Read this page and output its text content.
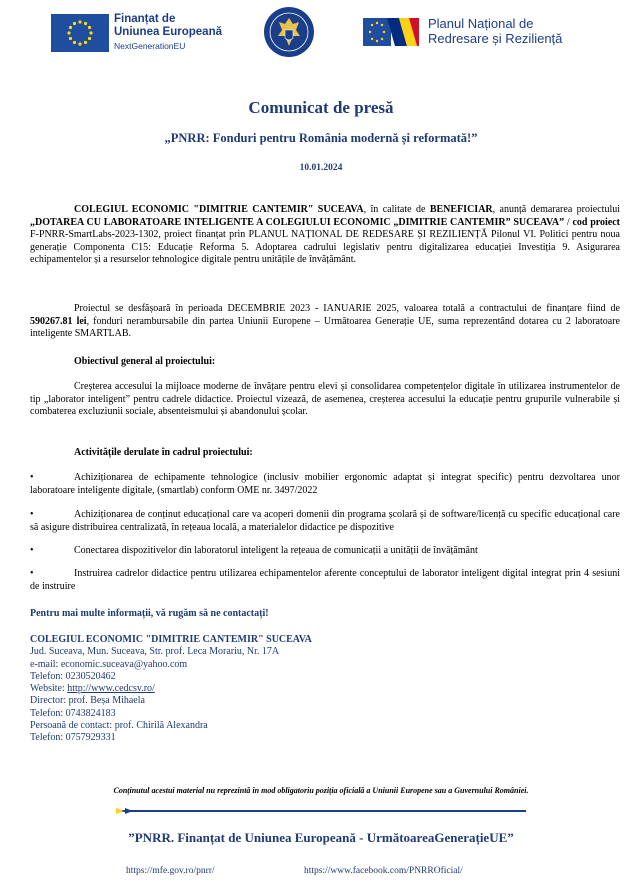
Finanțat de
Uniunea Europeană
NextGenerationEU
Planul Național de
Redresare și Reziliență
Comunicat de presă
„PNRR: Fonduri pentru România modernă și reformată!”
10.01.2024
COLEGIUL ECONOMIC "DIMITRIE CANTEMIR" SUCEAVA, în calitate de BENEFICIAR, anunță demararea proiectului „DOTAREA CU LABORATOARE INTELIGENTE A COLEGIULUI ECONOMIC „DIMITRIE CANTEMIR” SUCEAVA” / cod proiect F-PNRR-SmartLabs-2023-1302, proiect finanțat prin PLANUL NAȚIONAL DE REDESARE ȘI REZILIENȚĂ Pilonul VI. Politici pentru noua generație Componenta C15: Educație Reforma 5. Adoptarea cadrului legislativ pentru digitalizarea educației Investiția 9. Asigurarea echipamentelor și a resurselor tehnologice digitale pentru unitățile de învățământ.
Proiectul se desfășoară în perioada DECEMBRIE 2023 - IANUARIE 2025, valoarea totală a contractului de finanțare fiind de 590267.81 lei, fonduri nerambursabile din partea Uniunii Europene – Următoarea Generație UE, suma reprezentând dotarea cu 2 laboratoare inteligente SMARTLAB.
Obiectivul general al proiectului:
Creșterea accesului la mijloace moderne de învățare pentru elevi și consolidarea competențelor digitale în utilizarea instrumentelor de tip „laborator inteligent” pentru cadrele didactice. Proiectul vizează, de asemenea, creșterea accesului la educație pentru grupurile vulnerabile și combaterea excluziunii sociale, absenteismului și abandonului școlar.
Activitățile derulate în cadrul proiectului:
•	Achiziționarea de echipamente tehnologice (inclusiv mobilier ergonomic adaptat și integrat specific) pentru dezvoltarea unor laboratoare inteligente digitale, (smartlab) conform OME nr. 3497/2022
•	Achiziționarea de conținut educațional care va acoperi domenii din programa școlară și de software/licență cu specific educațional care să asigure distribuirea centralizată, în rețeaua locală, a materialelor didactice pe dispozitive
•	Conectarea dispozitivelor din laboratorul inteligent la rețeaua de comunicații a unității de învățământ
•	Instruirea cadrelor didactice pentru utilizarea echipamentelor aferente conceptului de laborator inteligent digital integrat prin 4 sesiuni de instruire
Pentru mai multe informații, vă rugăm să ne contactați!
COLEGIUL ECONOMIC "DIMITRIE CANTEMIR" SUCEAVA
Jud. Suceava, Mun. Suceava, Str. prof. Leca Morariu, Nr. 17A
e-mail: economic.suceava@yahoo.com
Telefon: 0230520462
Website: http://www.cedcsv.ro/
Director: prof. Beșa Mihaela
Telefon: 0743824183
Persoană de contact: prof. Chirilă Alexandra
Telefon: 0757929331
Conținutul acestui material nu reprezintă în mod obligatoriu poziția oficială a Uniunii Europene sau a Guvernului României.
”PNRR. Finanțat de Uniunea Europeană - UrmătoareaGenerațieUE”
https://mfe.gov.ro/pnrr/	https://www.facebook.com/PNRROficial/
